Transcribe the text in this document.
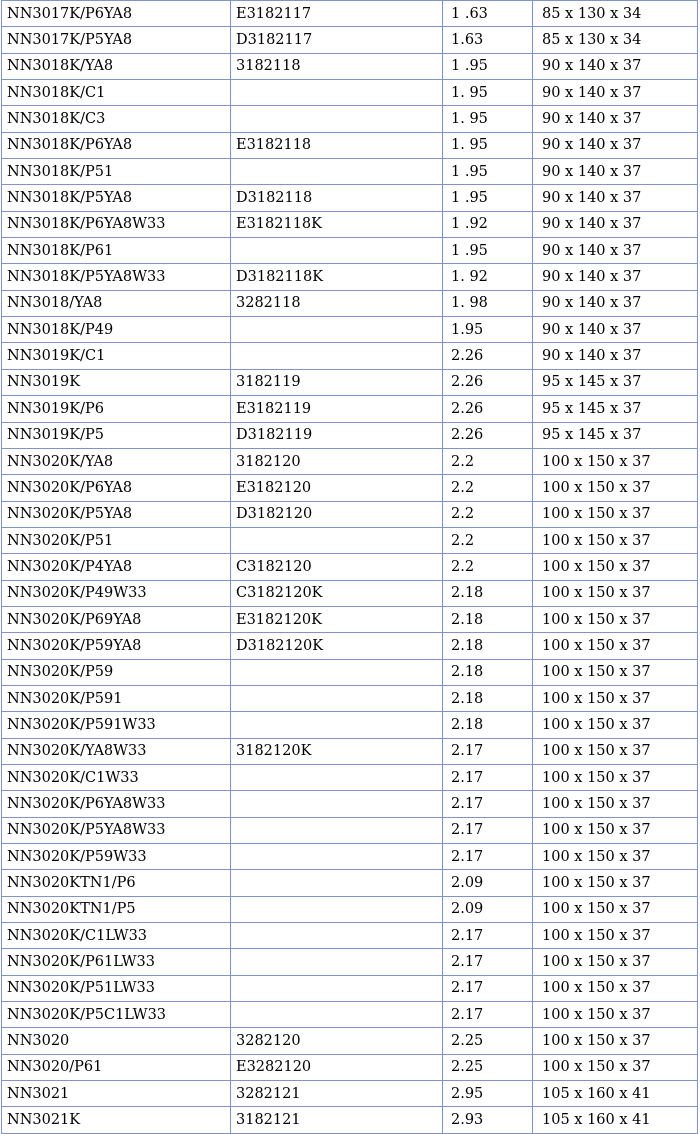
NN3017K/P6YA8	E3182117	1 .63	85 x 130 x 34
NN3017K/P5YA8	D3182117	1.63	85 x 130 x 34
NN3018K/YA8	3182118	1 .95	90 x 140 x 37
NN3018K/C1		1. 95	90 x 140 x 37
NN3018K/C3		1. 95	90 x 140 x 37
NN3018K/P6YA8	E3182118	1. 95	90 x 140 x 37
NN3018K/P51		1 .95	90 x 140 x 37
NN3018K/P5YA8	D3182118	1 .95	90 x 140 x 37
NN3018K/P6YA8W33	E3182118K	1 .92	90 x 140 x 37
NN3018K/P61		1 .95	90 x 140 x 37
NN3018K/P5YA8W33	D3182118K	1. 92	90 x 140 x 37
NN3018/YA8	3282118	1. 98	90 x 140 x 37
NN3018K/P49		1.95	90 x 140 x 37
NN3019K/C1		2.26	90 x 140 x 37
NN3019K	3182119	2.26	95 x 145 x 37
NN3019K/P6	E3182119	2.26	95 x 145 x 37
NN3019K/P5	D3182119	2.26	95 x 145 x 37
NN3020K/YA8	3182120	2.2	100 x 150 x 37
NN3020K/P6YA8	E3182120	2.2	100 x 150 x 37
NN3020K/P5YA8	D3182120	2.2	100 x 150 x 37
NN3020K/P51		2.2	100 x 150 x 37
NN3020K/P4YA8	C3182120	2.2	100 x 150 x 37
NN3020K/P49W33	C3182120K	2.18	100 x 150 x 37
NN3020K/P69YA8	E3182120K	2.18	100 x 150 x 37
NN3020K/P59YA8	D3182120K	2.18	100 x 150 x 37
NN3020K/P59		2.18	100 x 150 x 37
NN3020K/P591		2.18	100 x 150 x 37
NN3020K/P591W33		2.18	100 x 150 x 37
NN3020K/YA8W33	3182120K	2.17	100 x 150 x 37
NN3020K/C1W33		2.17	100 x 150 x 37
NN3020K/P6YA8W33		2.17	100 x 150 x 37
NN3020K/P5YA8W33		2.17	100 x 150 x 37
NN3020K/P59W33		2.17	100 x 150 x 37
NN3020KTN1/P6		2.09	100 x 150 x 37
NN3020KTN1/P5		2.09	100 x 150 x 37
NN3020K/C1LW33		2.17	100 x 150 x 37
NN3020K/P61LW33		2.17	100 x 150 x 37
NN3020K/P51LW33		2.17	100 x 150 x 37
NN3020K/P5C1LW33		2.17	100 x 150 x 37
NN3020	3282120	2.25	100 x 150 x 37
NN3020/P61	E3282120	2.25	100 x 150 x 37
NN3021	3282121	2.95	105 x 160 x 41
NN3021K	3182121	2.93	105 x 160 x 41
